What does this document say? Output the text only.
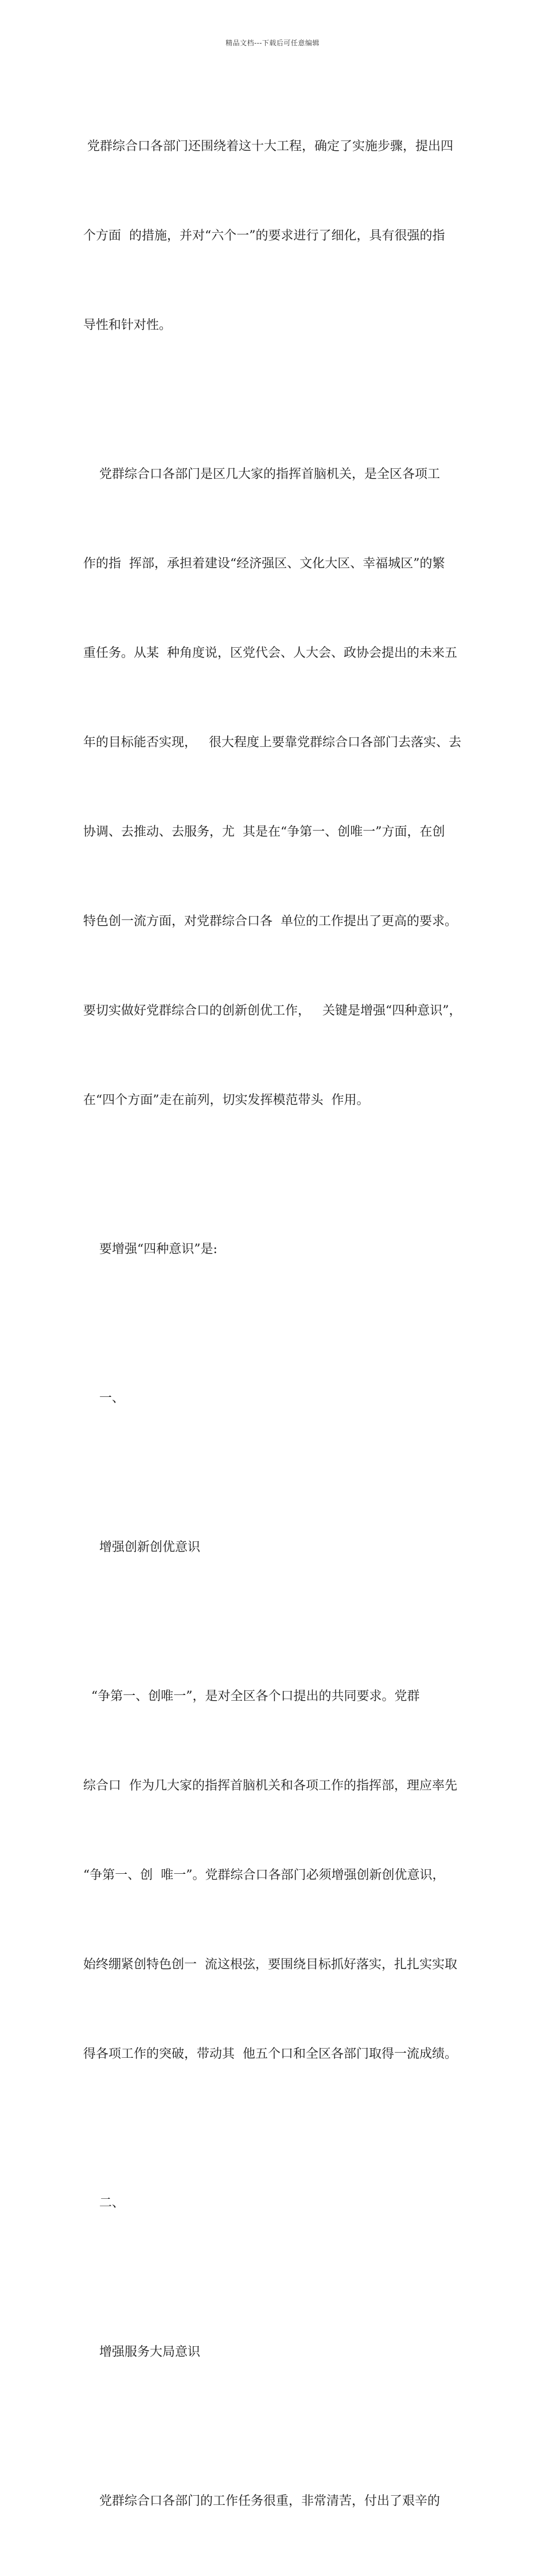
精品文档---下载后可任意编辑

党群综合口各部门还围绕着这十大工程，确定了实施步骤，提出四

个方面  的措施，并对“六个一”的要求进行了细化，具有很强的指

导性和针对性。

党群综合口各部门是区几大家的指挥首脑机关，是全区各项工

作的指  挥部，承担着建设“经济强区、文化大区、幸福城区”的繁

重任务。从某  种角度说，区党代会、人大会、政协会提出的未来五

年的目标能否实现，   很大程度上要靠党群综合口各部门去落实、去

协调、去推动、去服务，尤  其是在“争第一、创唯一”方面，在创

特色创一流方面，对党群综合口各  单位的工作提出了更高的要求。

要切实做好党群综合口的创新创优工作，   关键是增强“四种意识”，

在“四个方面”走在前列，切实发挥模范带头  作用。

要增强“四种意识”是:

一、

增强创新创优意识

“争第一、创唯一”，是对全区各个口提出的共同要求。党群

综合口  作为几大家的指挥首脑机关和各项工作的指挥部，理应率先

“争第一、创  唯一”。党群综合口各部门必须增强创新创优意识，

始终绷紧创特色创一  流这根弦，要围绕目标抓好落实，扎扎实实取

得各项工作的突破，带动其  他五个口和全区各部门取得一流成绩。

二、

增强服务大局意识

党群综合口各部门的工作任务很重，非常清苦，付出了艰辛的
